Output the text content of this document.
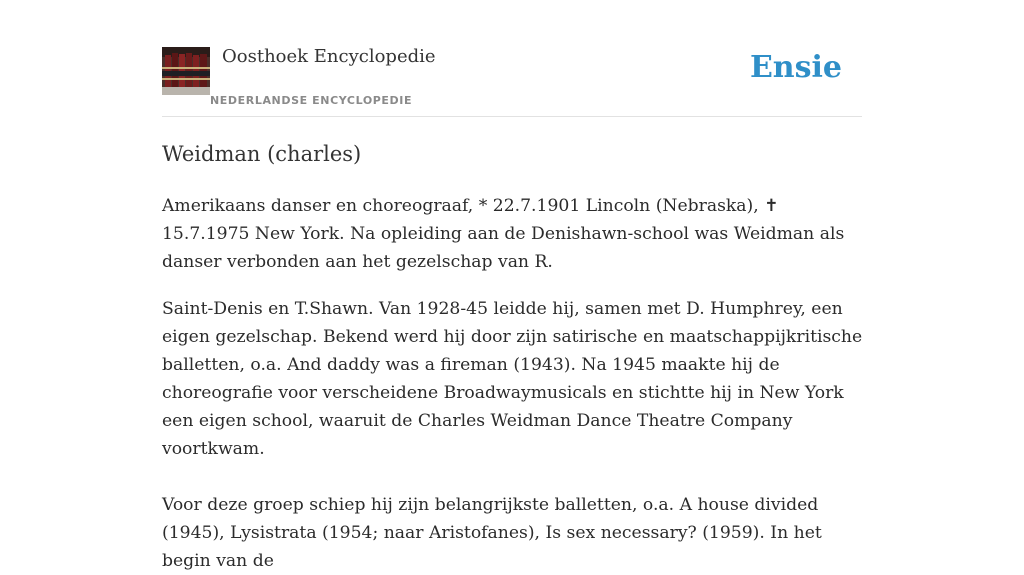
Oosthoek Encyclopedie
NEDERLANDSE ENCYCLOPEDIE
Ensie
Weidman (charles)

Amerikaans danser en choreograaf, * 22.7.1901 Lincoln (Nebraska), ✝ 15.7.1975 New York. Na opleiding aan de Denishawn-school was Weidman als danser verbonden aan het gezelschap van R.

Saint-Denis en T.Shawn. Van 1928-45 leidde hij, samen met D. Humphrey, een eigen gezelschap. Bekend werd hij door zijn satirische en maatschappijkritische balletten, o.a. And daddy was a fireman (1943). Na 1945 maakte hij de choreografie voor verscheidene Broadwaymusicals en stichtte hij in New York een eigen school, waaruit de Charles Weidman Dance Theatre Company voortkwam.

Voor deze groep schiep hij zijn belangrijkste balletten, o.a. A house divided (1945), Lysistrata (1954; naar Aristofanes), Is sex necessary? (1959). In het begin van de
